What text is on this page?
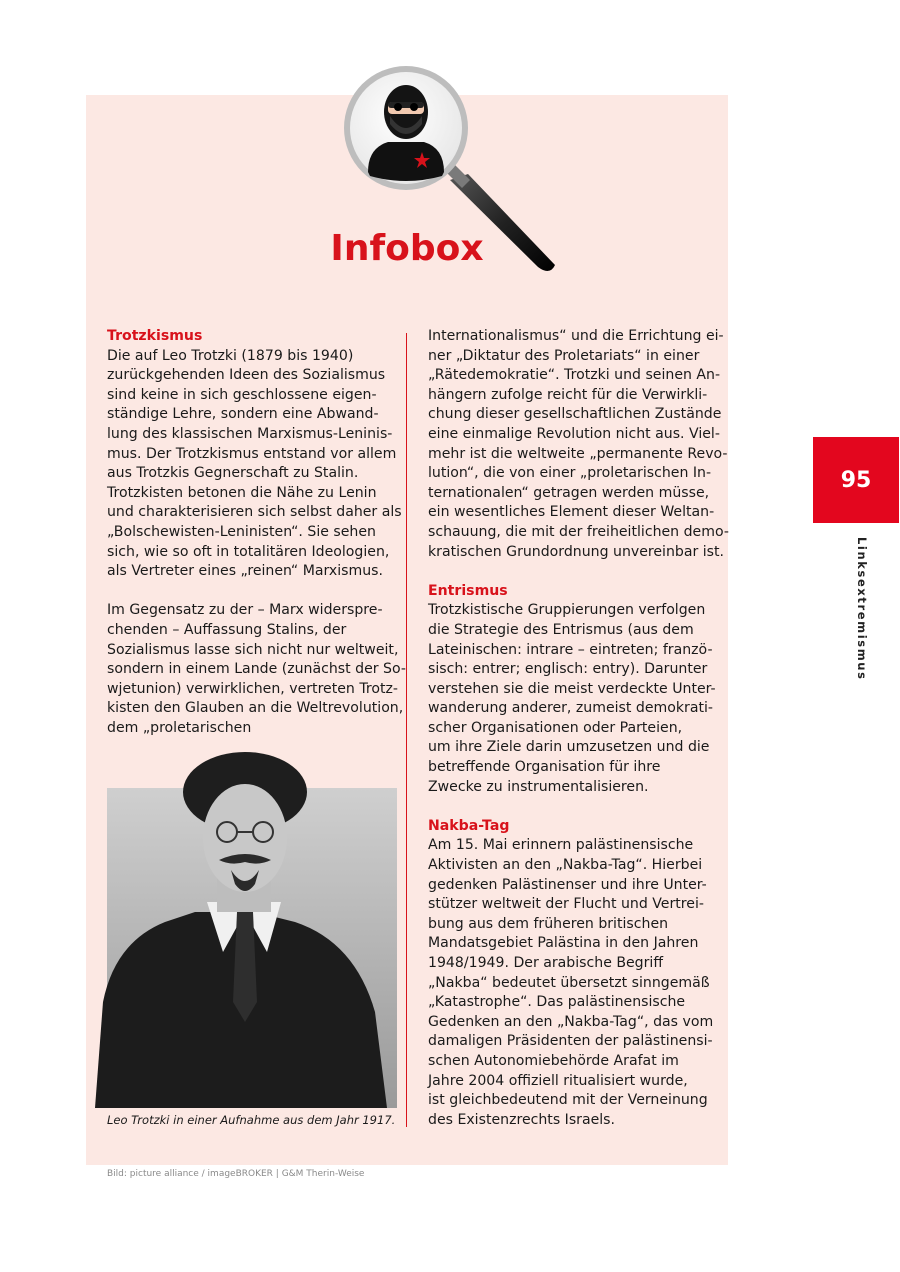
Infobox

Trotzkismus

Die auf Leo Trotzki (1879 bis 1940)
zurückgehenden Ideen des Sozialismus
sind keine in sich geschlossene eigen-
ständige Lehre, sondern eine Abwand-
lung des klassischen Marxismus-Leninis-
mus. Der Trotzkismus entstand vor allem
aus Trotzkis Gegnerschaft zu Stalin.
Trotzkisten betonen die Nähe zu Lenin
und charakterisieren sich selbst daher als
„Bolschewisten-Leninisten“. Sie sehen
sich, wie so oft in totalitären Ideologien,
als Vertreter eines „reinen“ Marxismus.

Im Gegensatz zu der – Marx widerspre-
chenden – Auffassung Stalins, der
Sozialismus lasse sich nicht nur weltweit,
sondern in einem Lande (zunächst der So-
wjetunion) verwirklichen, vertreten Trotz-
kisten den Glauben an die Weltrevolution,
dem „proletarischen

Leo Trotzki in einer Aufnahme aus dem Jahr 1917.

Internationalismus“ und die Errichtung ei-
ner „Diktatur des Proletariats“ in einer
„Rätedemokratie“. Trotzki und seinen An-
hängern zufolge reicht für die Verwirkli-
chung dieser gesellschaftlichen Zustände
eine einmalige Revolution nicht aus. Viel-
mehr ist die weltweite „permanente Revo-
lution“, die von einer „proletarischen In-
ternationalen“ getragen werden müsse,
ein wesentliches Element dieser Weltan-
schauung, die mit der freiheitlichen demo-
kratischen Grundordnung unvereinbar ist.

Entrismus

Trotzkistische Gruppierungen verfolgen
die Strategie des Entrismus (aus dem
Lateinischen: intrare – eintreten; franzö-
sisch: entrer; englisch: entry). Darunter
verstehen sie die meist verdeckte Unter-
wanderung anderer, zumeist demokrati-
scher Organisationen oder Parteien,
um ihre Ziele darin umzusetzen und die
betreffende Organisation für ihre
Zwecke zu instrumentalisieren.

Nakba-Tag

Am 15. Mai erinnern palästinensische
Aktivisten an den „Nakba-Tag“. Hierbei
gedenken Palästinenser und ihre Unter-
stützer weltweit der Flucht und Vertrei-
bung aus dem früheren britischen
Mandatsgebiet Palästina in den Jahren
1948/1949. Der arabische Begriff
„Nakba“ bedeutet übersetzt sinngemäß
„Katastrophe“. Das palästinensische
Gedenken an den „Nakba-Tag“, das vom
damaligen Präsidenten der palästinensi-
schen Autonomiebehörde Arafat im
Jahre 2004 offiziell ritualisiert wurde,
ist gleichbedeutend mit der Verneinung
des Existenzrechts Israels.

Bild: picture alliance / imageBROKER | G&M Therin-Weise
95
Linksextremismus
